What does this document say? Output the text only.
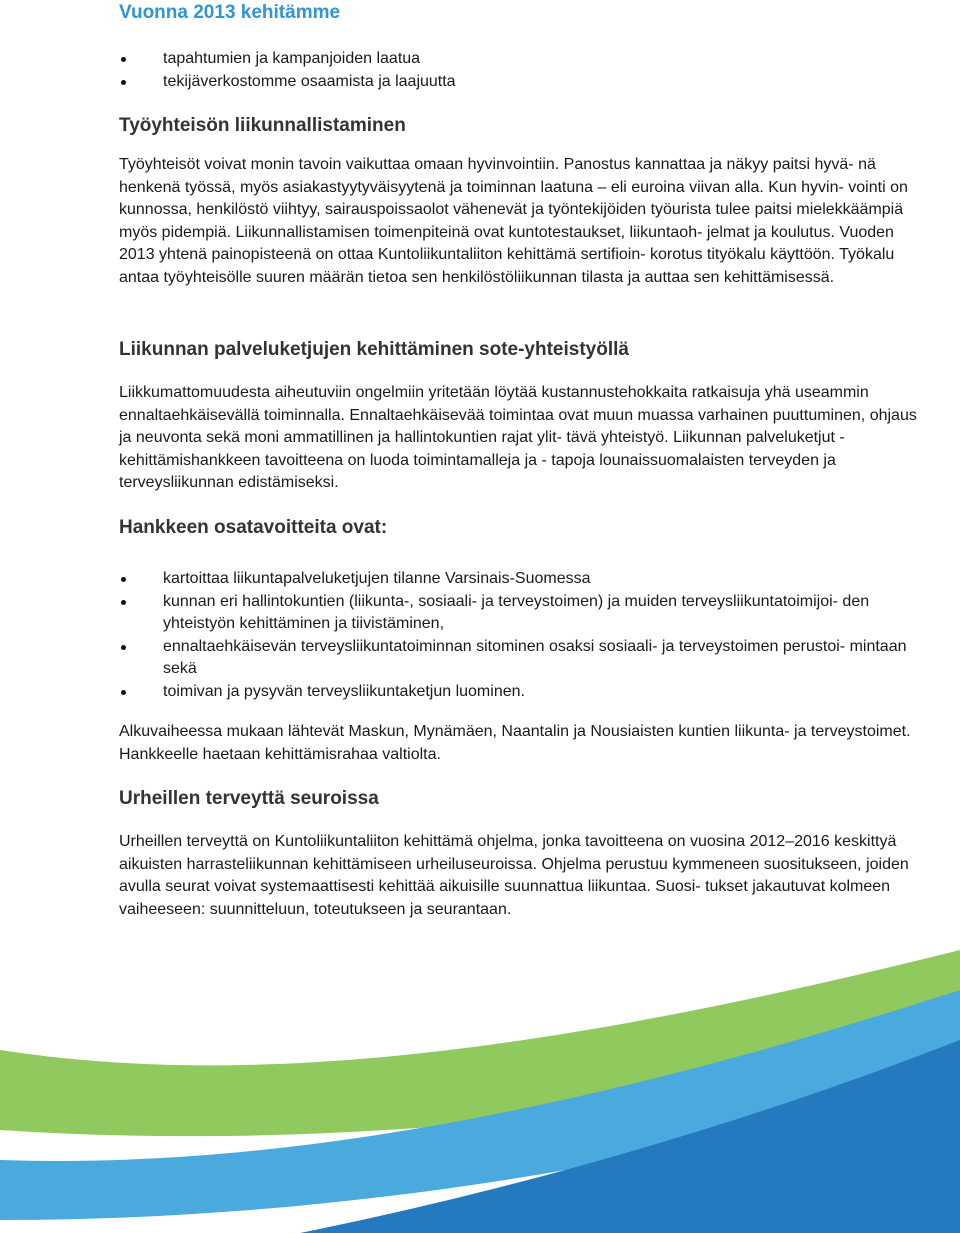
Vuonna 2013 kehitämme
tapahtumien ja kampanjoiden laatua
tekijäverkostomme osaamista ja laajuutta
Työyhteisön liikunnallistaminen

Työyhteisöt voivat monin tavoin vaikuttaa omaan hyvinvointiin. Panostus kannattaa ja näkyy paitsi hyvä- nä henkenä työssä, myös asiakastyytyväisyytenä ja toiminnan laatuna – eli euroina viivan alla. Kun hyvin- vointi on kunnossa, henkilöstö viihtyy, sairauspoissaolot vähenevät ja työntekijöiden työurista tulee paitsi mielekkäämpiä myös pidempiä. Liikunnallistamisen toimenpiteinä ovat kuntotestaukset, liikuntaoh- jelmat ja koulutus. Vuoden 2013 yhtenä painopisteenä on ottaa Kuntoliikuntaliiton kehittämä sertifioin- korotus tityökalu käyttöön. Työkalu antaa työyhteisölle suuren määrän tietoa sen henkilöstöliikunnan tilasta ja auttaa sen kehittämisessä.

Liikunnan palveluketjujen kehittäminen sote-yhteistyöllä

Liikkumattomuudesta aiheutuviin ongelmiin yritetään löytää kustannustehokkaita ratkaisuja yhä useammin ennaltaehkäisevällä toiminnalla. Ennaltaehkäisevää toimintaa ovat muun muassa varhainen puuttuminen, ohjaus ja neuvonta sekä moni ammatillinen ja hallintokuntien rajat ylit- tävä yhteistyö. Liikunnan palveluketjut -kehittämishankkeen tavoitteena on luoda toimintamalleja ja - tapoja lounaissuomalaisten terveyden ja terveysliikunnan edistämiseksi.

Hankkeen osatavoitteita ovat:
kartoittaa liikuntapalveluketjujen tilanne Varsinais-Suomessa
kunnan eri hallintokuntien (liikunta-, sosiaali- ja terveystoimen) ja muiden terveysliikuntatoimijoi- den yhteistyön kehittäminen ja tiivistäminen,
ennaltaehkäisevän terveysliikuntatoiminnan sitominen osaksi sosiaali- ja terveystoimen perustoi- mintaan sekä
toimivan ja pysyvän terveysliikuntaketjun luominen.

Alkuvaiheessa mukaan lähtevät Maskun, Mynämäen, Naantalin ja Nousiaisten kuntien liikunta- ja terveystoimet. Hankkeelle haetaan kehittämisrahaa valtiolta.

Urheillen terveyttä seuroissa

Urheillen terveyttä on Kuntoliikuntaliiton kehittämä ohjelma, jonka tavoitteena on vuosina 2012–2016 keskittyä aikuisten harrasteliikunnan kehittämiseen urheiluseuroissa. Ohjelma perustuu kymmeneen suositukseen, joiden avulla seurat voivat systemaattisesti kehittää aikuisille suunnattua liikuntaa. Suosi- tukset jakautuvat kolmeen vaiheeseen: suunnitteluun, toteutukseen ja seurantaan.
